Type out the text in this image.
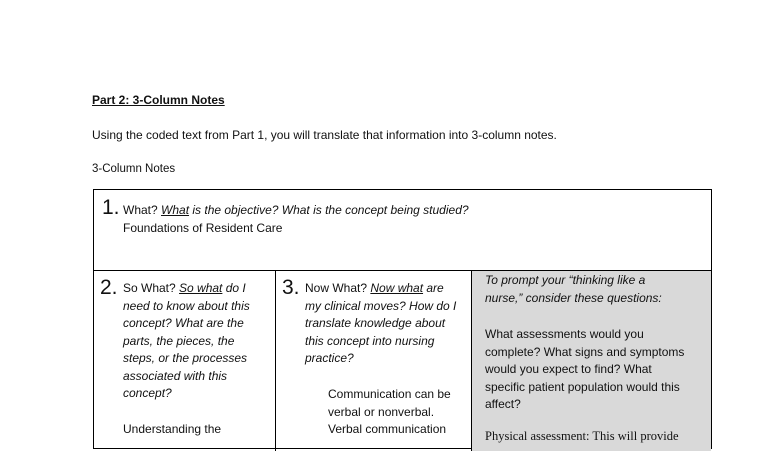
Part 2: 3-Column Notes
Using the coded text from Part 1, you will translate that information into 3-column notes.
3-Column Notes
1. What? What is the objective? What is the concept being studied?
Foundations of Resident Care
2. So What? So what do I
need to know about this
concept? What are the
parts, the pieces, the
steps, or the processes
associated with this
concept?
Understanding the
3. Now What? Now what are
my clinical moves? How do I
translate knowledge about
this concept into nursing
practice?
Communication can be
verbal or nonverbal.
Verbal communication
To prompt your “thinking like a
nurse,” consider these questions:
What assessments would you
complete? What signs and symptoms
would you expect to find? What
specific patient population would this
affect?
Physical assessment: This will provide
